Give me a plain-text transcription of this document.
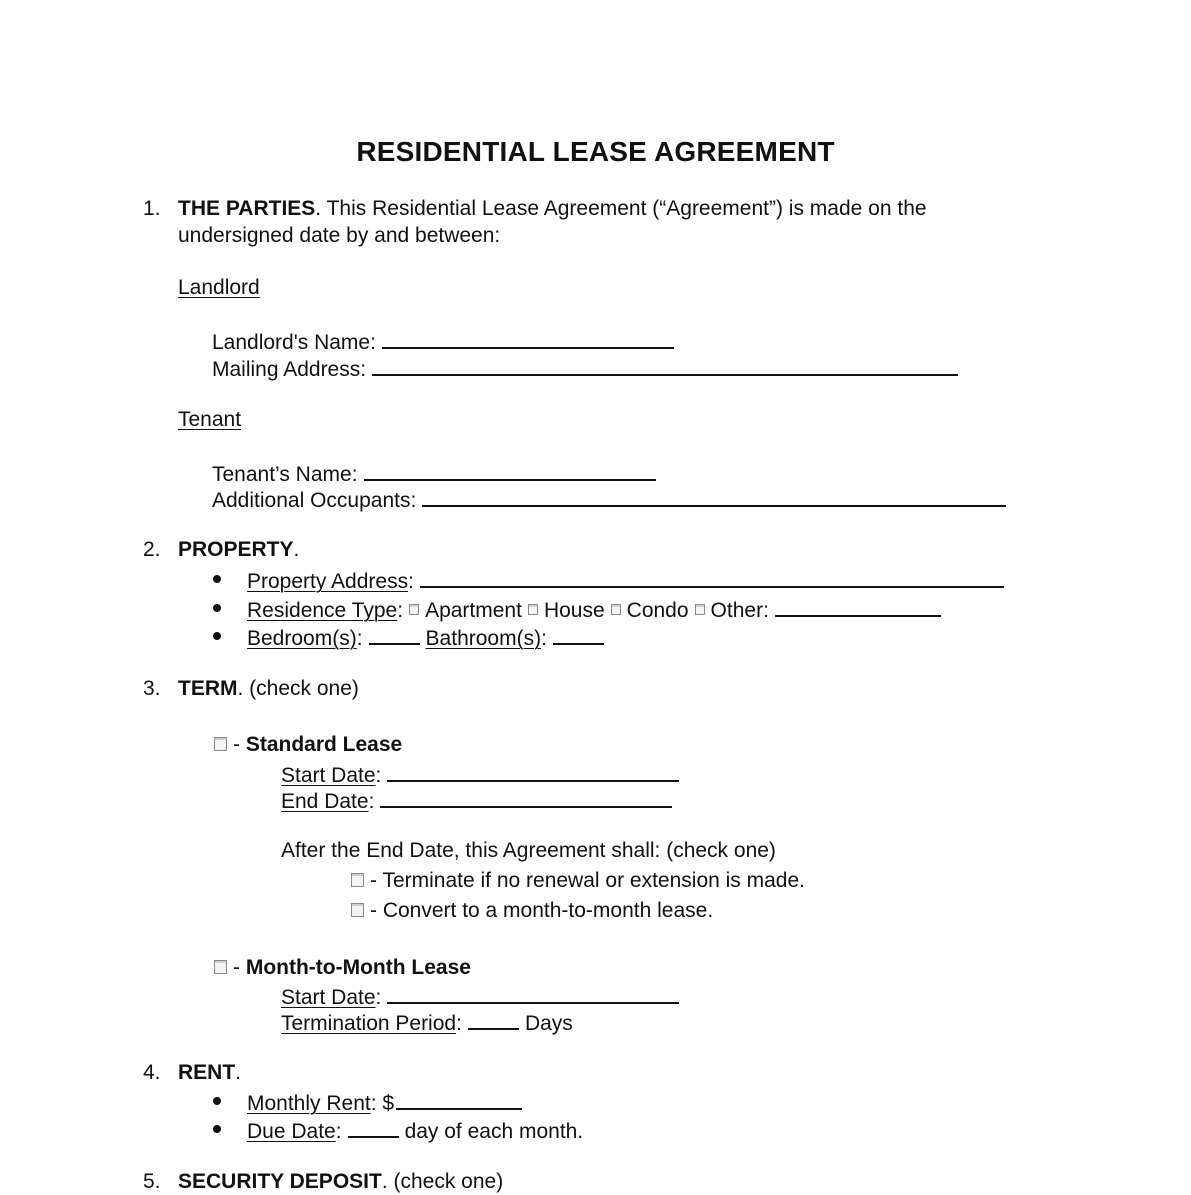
RESIDENTIAL LEASE AGREEMENT
1. THE PARTIES. This Residential Lease Agreement (“Agreement”) is made on the
undersigned date by and between:
Landlord
Landlord's Name:
Mailing Address:
Tenant
Tenant’s Name:
Additional Occupants:
2. PROPERTY.
Property Address:
Residence Type: Apartment House Condo Other:
Bedroom(s):	Bathroom(s):
3. TERM. (check one)
- Standard Lease
Start Date:
End Date:
After the End Date, this Agreement shall: (check one)
- Terminate if no renewal or extension is made.
- Convert to a month-to-month lease.
- Month-to-Month Lease
Start Date:
Termination Period:	Days
4. RENT.
Monthly Rent: $
Due Date:	day of each month.
5. SECURITY DEPOSIT. (check one)
